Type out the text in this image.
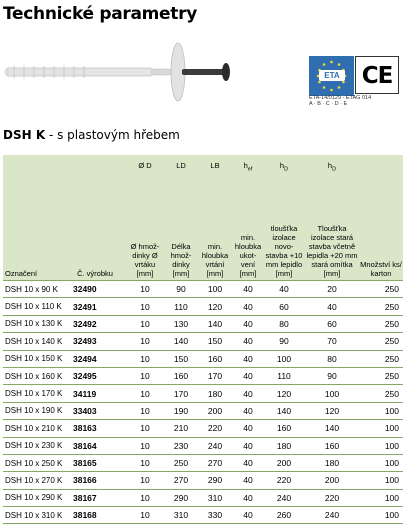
Technické parametry
ETA CE
ETA-14/0129 - ETAG 014
A · B · C · D · E
DSH K - s plastovým hřebem
		Ø D	LD	LB	$h_{ef}$	$h_D$	$h_D$	
Označení	Č. výrobku	Ø hmož-dinky Ø vrtáku [mm]	Délka hmož-dinky [mm]	min. hloubka vrtání [mm]	min. hloubka ukot-vení [mm]	tloušťka izolace novo-stavba +10 mm lepidlo [mm]	Tloušťka izolace stará stavba včetně lepidla +20 mm stará omítka [mm]	Množství ks/ karton
DSH 10 x 90 K	32490	10	90	100	40	40	20	250
DSH 10 x 110 K	32491	10	110	120	40	60	40	250
DSH 10 x 130 K	32492	10	130	140	40	80	60	250
DSH 10 x 140 K	32493	10	140	150	40	90	70	250
DSH 10 x 150 K	32494	10	150	160	40	100	80	250
DSH 10 x 160 K	32495	10	160	170	40	110	90	250
DSH 10 x 170 K	34119	10	170	180	40	120	100	250
DSH 10 x 190 K	33403	10	190	200	40	140	120	100
DSH 10 x 210 K	38163	10	210	220	40	160	140	100
DSH 10 x 230 K	38164	10	230	240	40	180	160	100
DSH 10 x 250 K	38165	10	250	270	40	200	180	100
DSH 10 x 270 K	38166	10	270	290	40	220	200	100
DSH 10 x 290 K	38167	10	290	310	40	240	220	100
DSH 10 x 310 K	38168	10	310	330	40	260	240	100
